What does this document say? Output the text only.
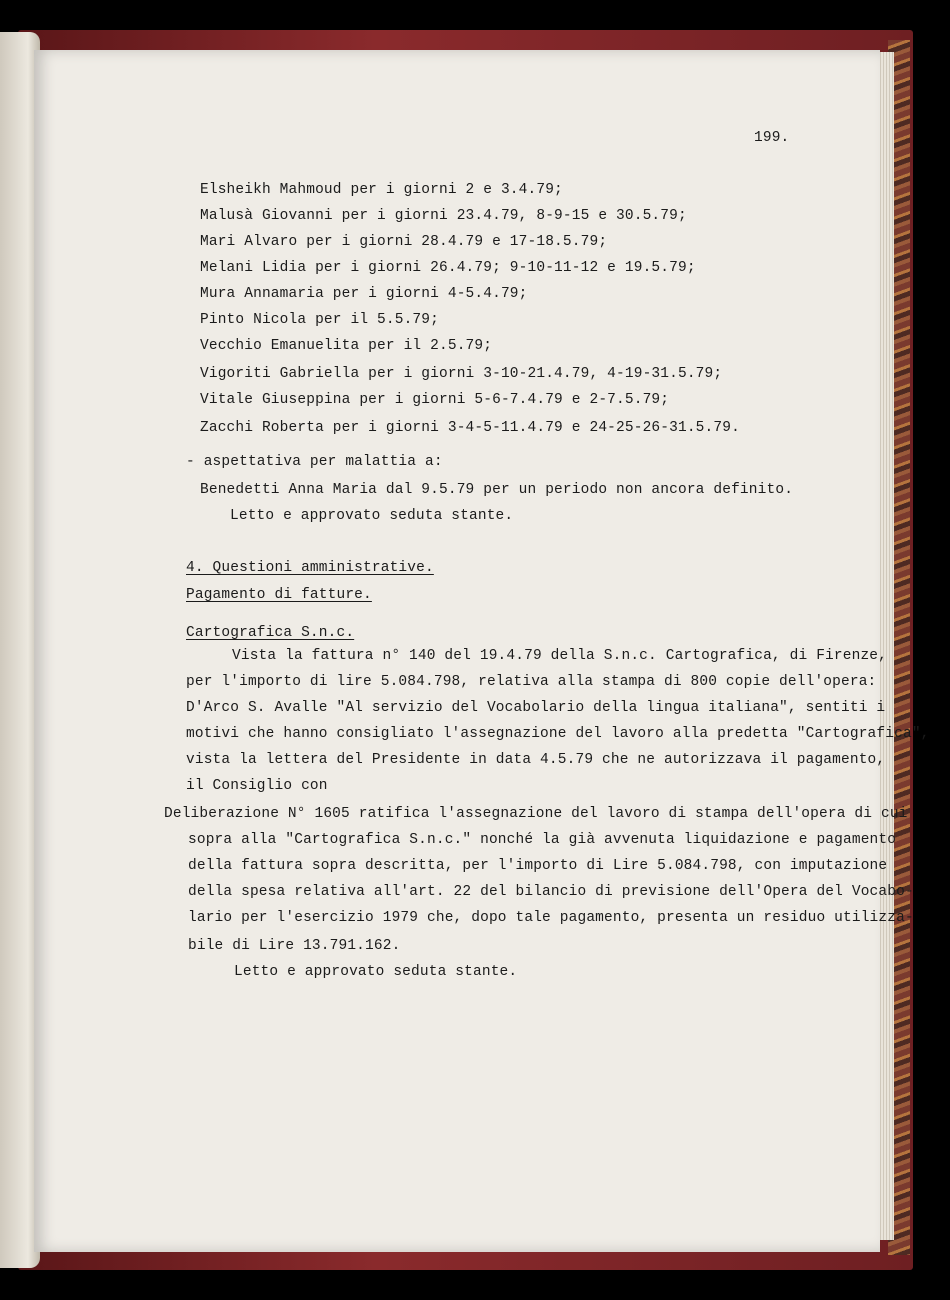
199.
Elsheikh Mahmoud per i giorni 2 e 3.4.79;
Malusà Giovanni per i giorni 23.4.79, 8-9-15 e 30.5.79;
Mari Alvaro per i giorni 28.4.79 e 17-18.5.79;
Melani Lidia per i giorni 26.4.79; 9-10-11-12 e 19.5.79;
Mura Annamaria per i giorni 4-5.4.79;
Pinto Nicola per il 5.5.79;
Vecchio Emanuelita per il 2.5.79;
Vigoriti Gabriella per i giorni 3-10-21.4.79, 4-19-31.5.79;
Vitale Giuseppina per i giorni 5-6-7.4.79 e 2-7.5.79;
Zacchi Roberta per i giorni 3-4-5-11.4.79 e 24-25-26-31.5.79.
- aspettativa per malattia a:
Benedetti Anna Maria dal 9.5.79 per un periodo non ancora definito.
Letto e approvato seduta stante.
4. Questioni amministrative.
Pagamento di fatture.
Cartografica S.n.c.
Vista la fattura n° 140 del 19.4.79 della S.n.c. Cartografica, di Firenze,
per l'importo di lire 5.084.798, relativa alla stampa di 800 copie dell'opera:
D'Arco S. Avalle "Al servizio del Vocabolario della lingua italiana", sentiti i
motivi che hanno consigliato l'assegnazione del lavoro alla predetta "Cartografica",
vista la lettera del Presidente in data 4.5.79 che ne autorizzava il pagamento,
il Consiglio con
Deliberazione N° 1605 ratifica l'assegnazione del lavoro di stampa dell'opera di cui
sopra alla "Cartografica S.n.c." nonché la già avvenuta liquidazione e pagamento
della fattura sopra descritta, per l'importo di Lire 5.084.798, con imputazione
della spesa relativa all'art. 22 del bilancio di previsione dell'Opera del Vocabo-
lario per l'esercizio 1979 che, dopo tale pagamento, presenta un residuo utilizza-
bile di Lire 13.791.162.
Letto e approvato seduta stante.
